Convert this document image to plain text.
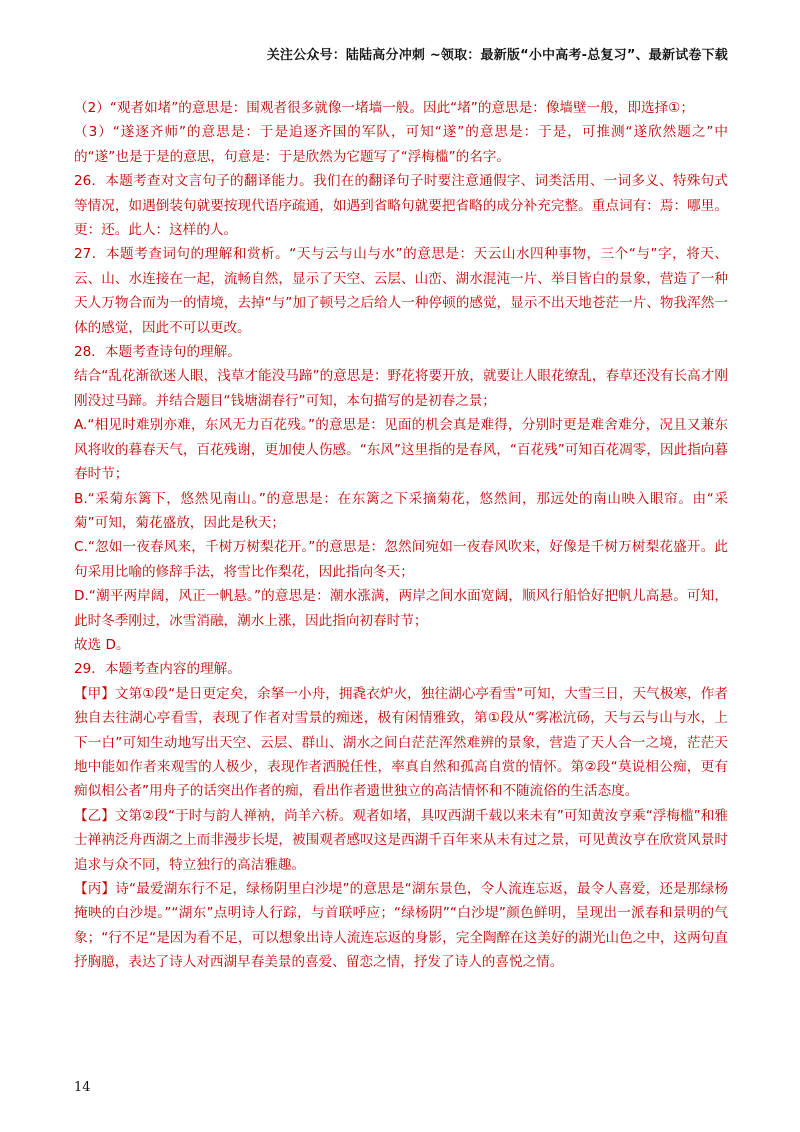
关注公众号：陆陆高分冲刺 ~领取：最新版“小中高考-总复习”、最新试卷下载

（2）“观者如堵”的意思是：围观者很多就像一堵墙一般。因此“堵”的意思是：像墙壁一般，即选择①；

（3）“遂逐齐师”的意思是：于是追逐齐国的军队，可知“遂”的意思是：于是，可推测“遂欣然题之”中的“遂”也是于是的意思，句意是：于是欣然为它题写了“浮梅槛”的名字。

26．本题考查对文言句子的翻译能力。我们在的翻译句子时要注意通假字、词类活用、一词多义、特殊句式等情况，如遇倒装句就要按现代语序疏通，如遇到省略句就要把省略的成分补充完整。重点词有：焉：哪里。更：还。此人：这样的人。

27．本题考查词句的理解和赏析。“天与云与山与水”的意思是：天云山水四种事物，三个“与”字，将天、云、山、水连接在一起，流畅自然，显示了天空、云层、山峦、湖水混沌一片、举目皆白的景象，营造了一种天人万物合而为一的情境，去掉“与”加了顿号之后给人一种停顿的感觉，显示不出天地苍茫一片、物我浑然一体的感觉，因此不可以更改。

28．本题考查诗句的理解。

结合“乱花渐欲迷人眼，浅草才能没马蹄”的意思是：野花将要开放，就要让人眼花缭乱，春草还没有长高才刚刚没过马蹄。并结合题目“钱塘湖春行”可知，本句描写的是初春之景；

A.“相见时难别亦难，东风无力百花残。”的意思是：见面的机会真是难得，分别时更是难舍难分，况且又兼东风将收的暮春天气，百花残谢，更加使人伤感。“东风”这里指的是春风，“百花残”可知百花凋零，因此指向暮春时节；

B.“采菊东篱下，悠然见南山。”的意思是：在东篱之下采摘菊花，悠然间，那远处的南山映入眼帘。由“采菊”可知，菊花盛放，因此是秋天；

C.“忽如一夜春风来，千树万树梨花开。”的意思是：忽然间宛如一夜春风吹来，好像是千树万树梨花盛开。此句采用比喻的修辞手法，将雪比作梨花，因此指向冬天；

D.“潮平两岸阔，风正一帆悬。”的意思是：潮水涨满，两岸之间水面宽阔，顺风行船恰好把帆儿高悬。可知，此时冬季刚过，冰雪消融，潮水上涨，因此指向初春时节；

故选 D。

29．本题考查内容的理解。

【甲】文第①段“是日更定矣，余拏一小舟，拥毳衣炉火，独往湖心亭看雪”可知，大雪三日，天气极寒，作者独自去往湖心亭看雪，表现了作者对雪景的痴迷，极有闲情雅致，第①段从“雾凇沆砀，天与云与山与水，上下一白”可知生动地写出天空、云层、群山、湖水之间白茫茫浑然难辨的景象，营造了天人合一之境，茫茫天地中能如作者来观雪的人极少，表现作者洒脱任性，率真自然和孤高自赏的情怀。第②段“莫说相公痴，更有痴似相公者”用舟子的话突出作者的痴，看出作者遗世独立的高洁情怀和不随流俗的生活态度。

【乙】文第②段“于时与韵人禅衲，尚羊六桥。观者如堵，具叹西湖千载以来未有”可知黄汝亨乘“浮梅槛”和雅士禅衲泛舟西湖之上而非漫步长堤，被围观者感叹这是西湖千百年来从未有过之景，可见黄汝亨在欣赏风景时追求与众不同，特立独行的高洁雅趣。

【丙】诗“最爱湖东行不足，绿杨阴里白沙堤”的意思是“湖东景色，令人流连忘返，最令人喜爱，还是那绿杨掩映的白沙堤。”“湖东”点明诗人行踪，与首联呼应；“绿杨阴”“白沙堤”颜色鲜明，呈现出一派春和景明的气象；“行不足“是因为看不足，可以想象出诗人流连忘返的身影，完全陶醉在这美好的湖光山色之中，这两句直抒胸臆，表达了诗人对西湖早春美景的喜爱、留恋之情，抒发了诗人的喜悦之情。

14
